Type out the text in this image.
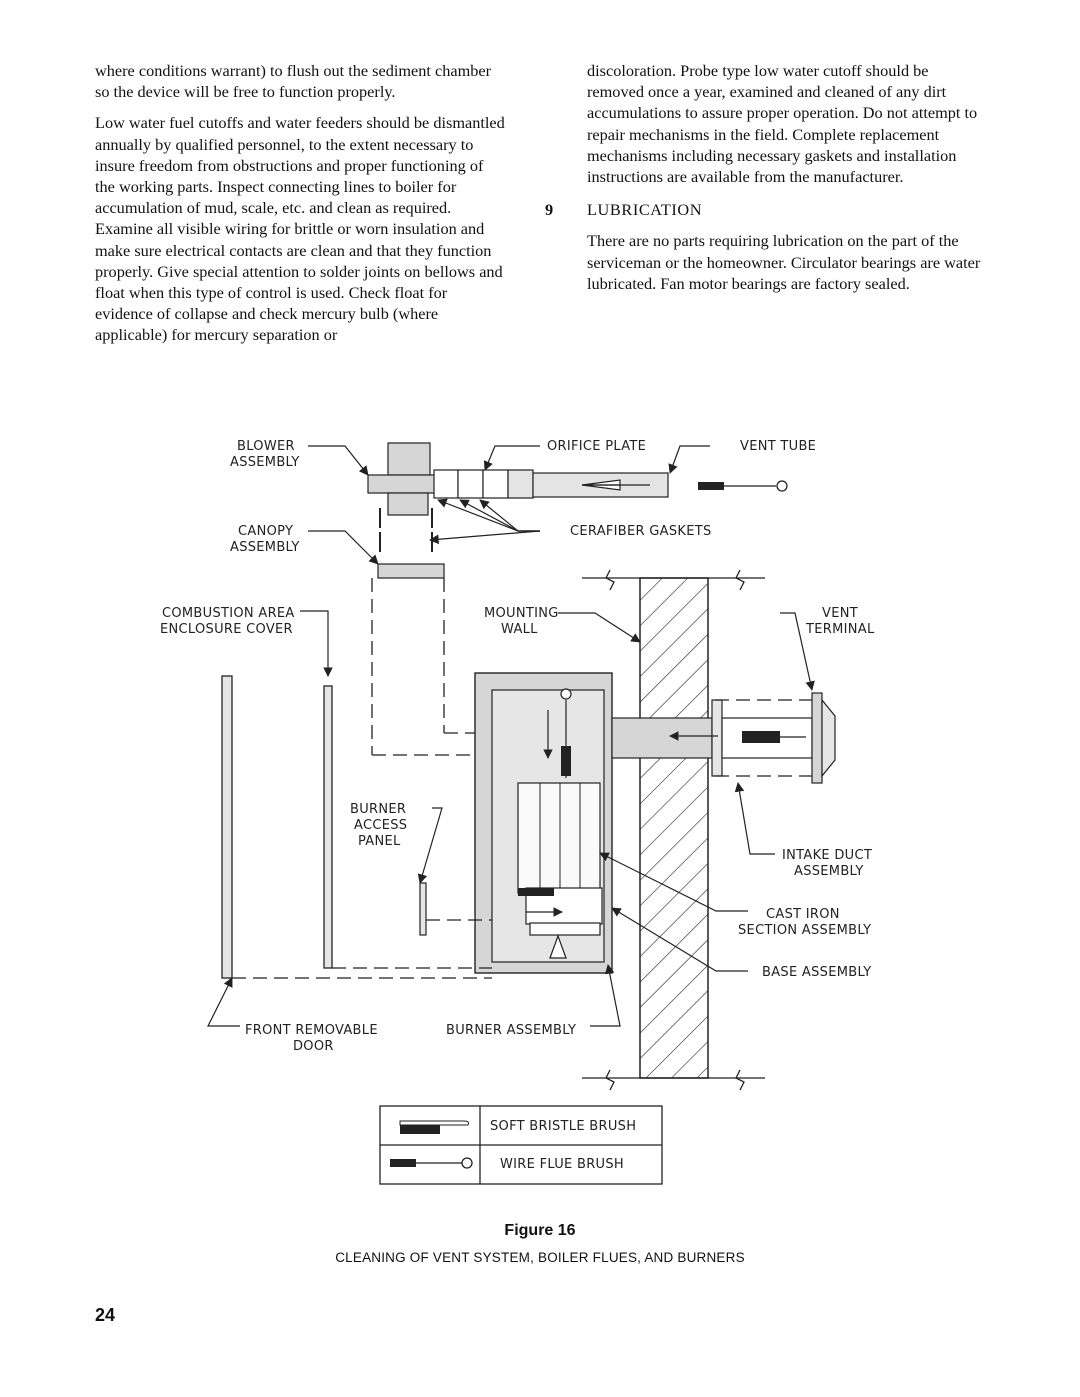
where conditions warrant) to flush out the sediment chamber so the device will be free to function properly.

Low water fuel cutoffs and water feeders should be dismantled annually by qualified personnel, to the extent necessary to insure freedom from obstructions and proper functioning of the working parts. Inspect connecting lines to boiler for accumulation of mud, scale, etc. and clean as required. Examine all visible wiring for brittle or worn insulation and make sure electrical contacts are clean and that they function properly. Give special attention to solder joints on bellows and float when this type of control is used. Check float for evidence of collapse and check mercury bulb (where applicable) for mercury separation or

discoloration. Probe type low water cutoff should be removed once a year, examined and cleaned of any dirt accumulations to assure proper operation. Do not attempt to repair mechanisms in the field. Complete replacement mechanisms including necessary gaskets and installation instructions are available from the manufacturer.

9 LUBRICATION

There are no parts requiring lubrication on the part of the serviceman or the homeowner. Circulator bearings are water lubricated. Fan motor bearings are factory sealed.

BLOWER
ASSEMBLY
ORIFICE PLATE	VENT TUBE
CANOPY
ASSEMBLY
CERAFIBER GASKETS
COMBUSTION AREA
ENCLOSURE COVER
MOUNTING
WALL
VENT
TERMINAL
BURNER
ACCESS
PANEL
INTAKE DUCT
ASSEMBLY
CAST IRON
SECTION ASSEMBLY
BASE ASSEMBLY
FRONT REMOVABLE
DOOR
BURNER ASSEMBLY
SOFT BRISTLE BRUSH
WIRE FLUE BRUSH
Figure 16
CLEANING OF VENT SYSTEM, BOILER FLUES, AND BURNERS
24
